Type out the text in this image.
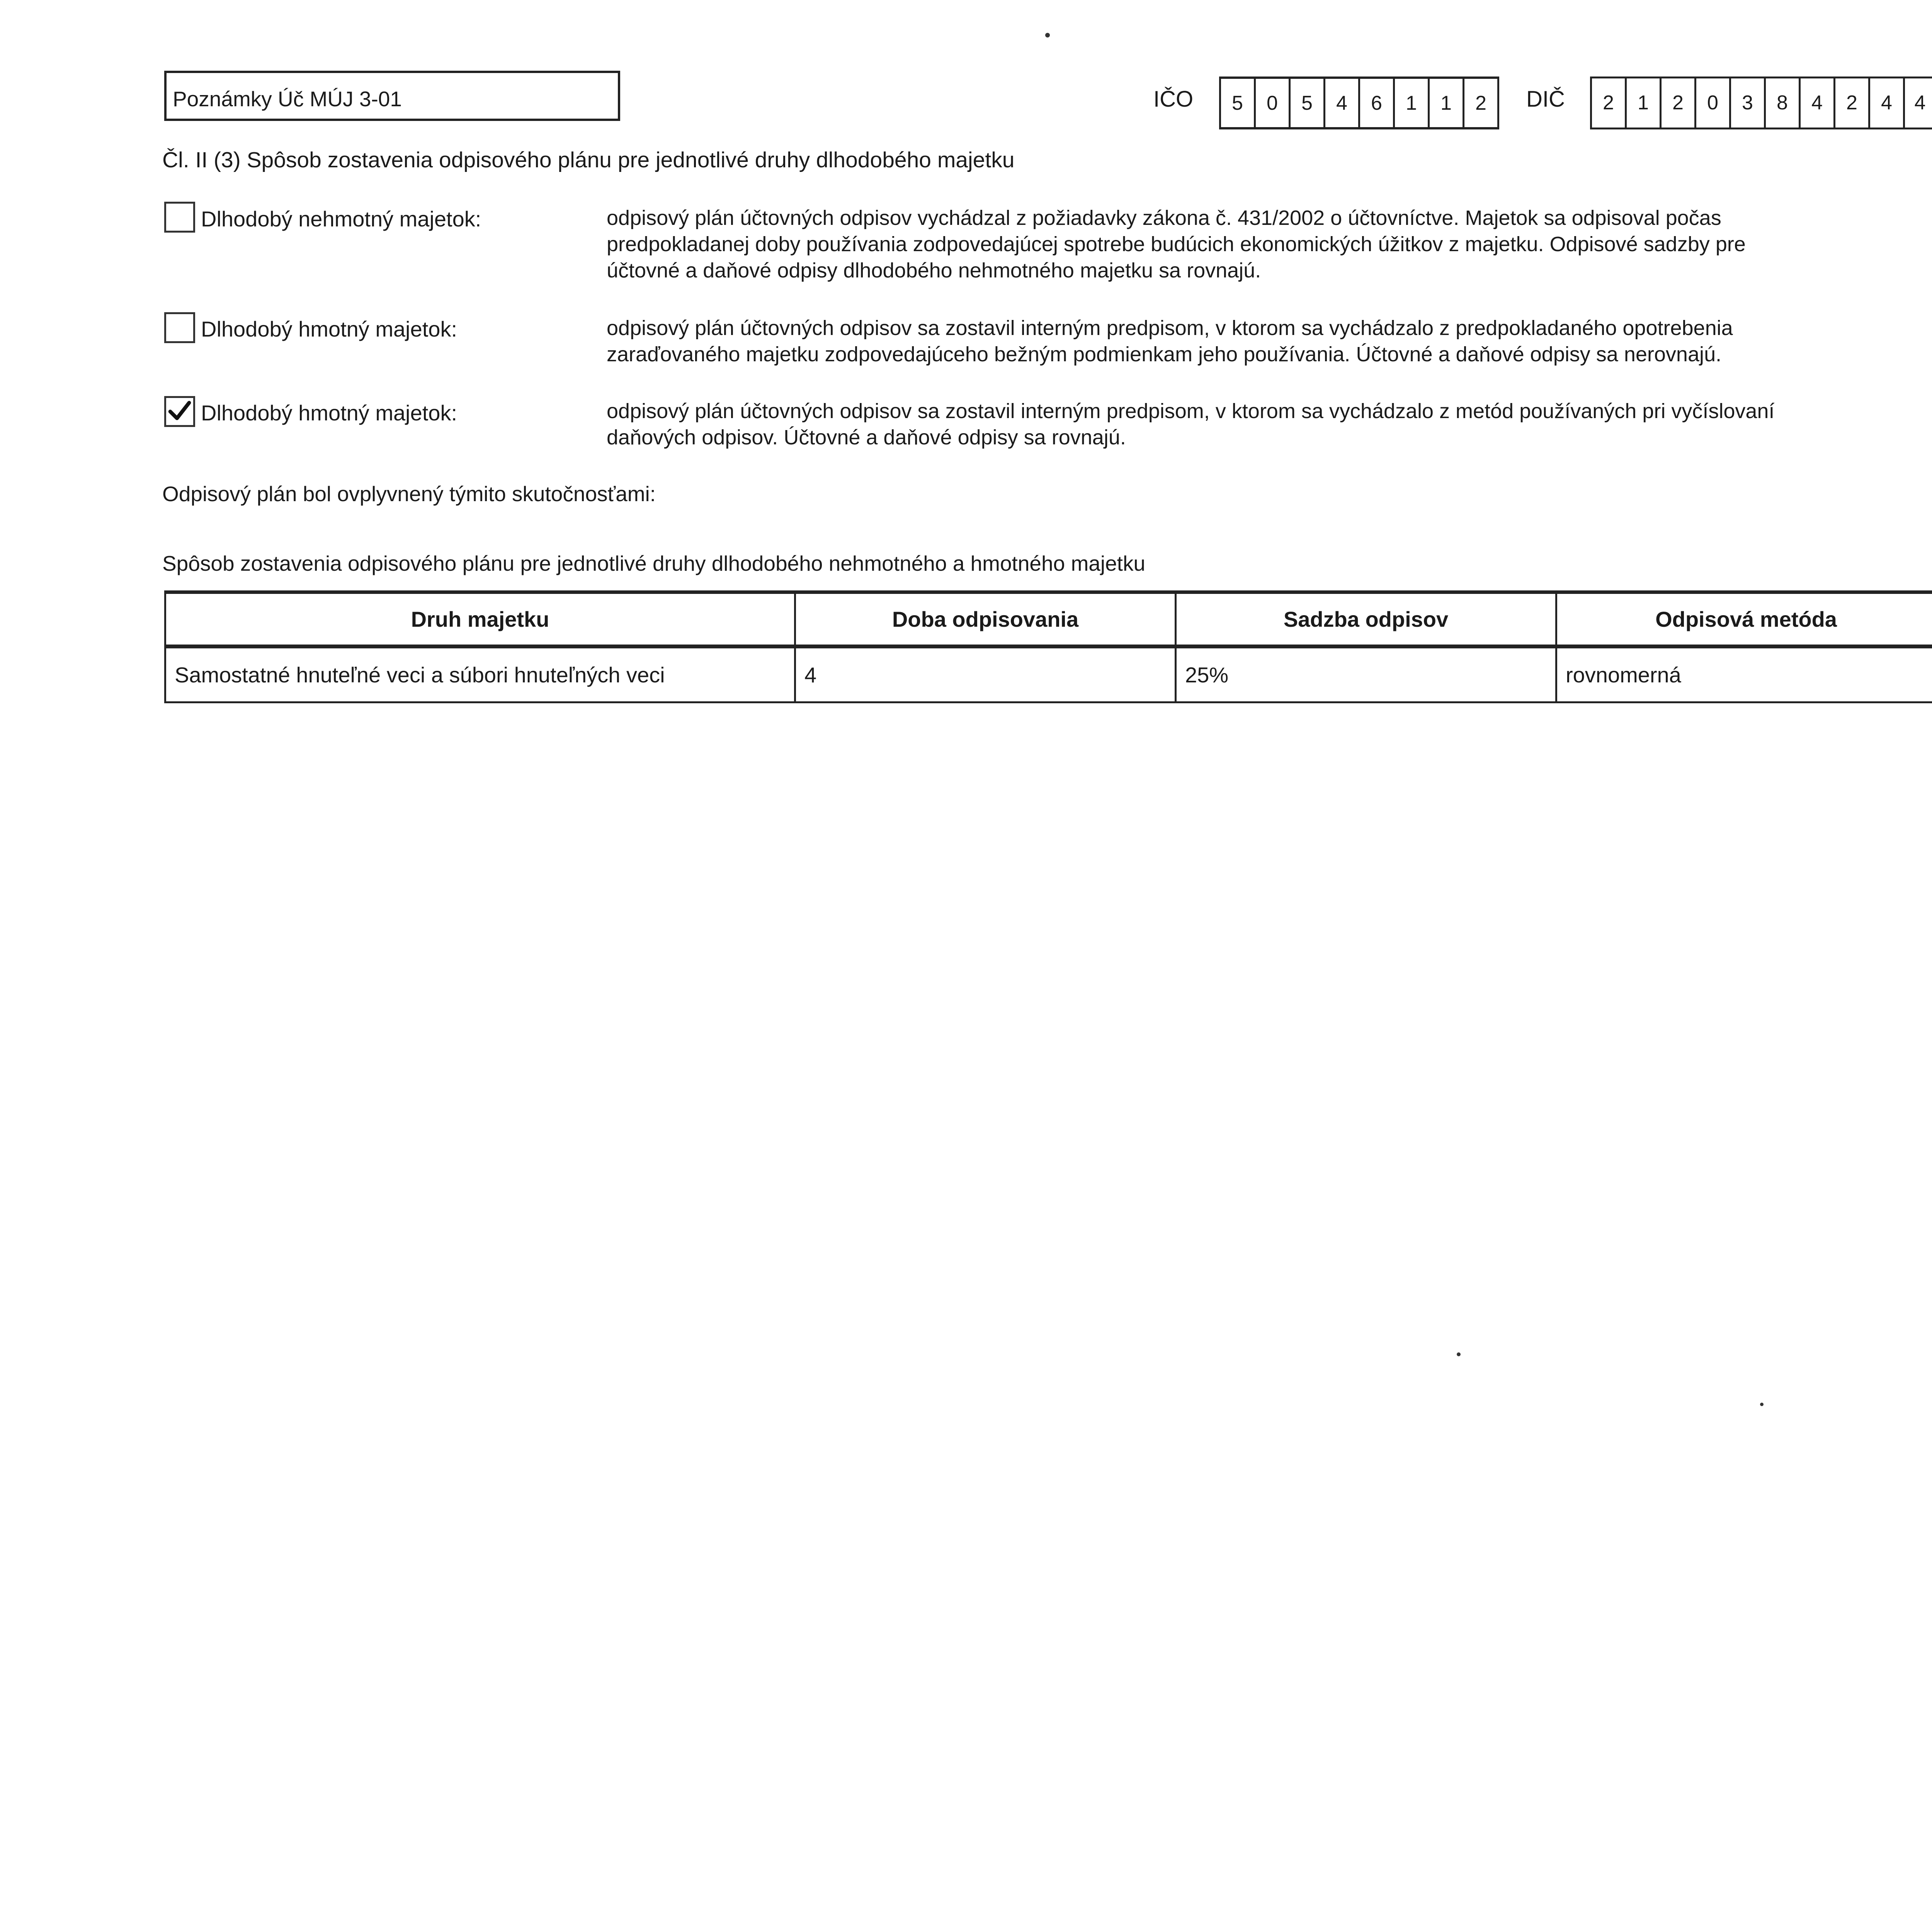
Poznámky Úč MÚJ 3-01	IČO	5	0	5	4	6	1	1	2	DIČ	2	1	2	0	3	8	4	2	4	4
Čl. II (3) Spôsob zostavenia odpisového plánu pre jednotlivé druhy dlhodobého majetku
Dlhodobý nehmotný majetok:	odpisový plán účtovných odpisov vychádzal z požiadavky zákona č. 431/2002 o účtovníctve. Majetok sa odpisoval počas
predpokladanej doby používania zodpovedajúcej spotrebe budúcich ekonomických úžitkov z majetku. Odpisové sadzby pre
účtovné a daňové odpisy dlhodobého nehmotného majetku sa rovnajú.
Dlhodobý hmotný majetok:	odpisový plán účtovných odpisov sa zostavil interným predpisom, v ktorom sa vychádzalo z predpokladaného opotrebenia
zaraďovaného majetku zodpovedajúceho bežným podmienkam jeho používania. Účtovné a daňové odpisy sa nerovnajú.
Dlhodobý hmotný majetok:	odpisový plán účtovných odpisov sa zostavil interným predpisom, v ktorom sa vychádzalo z metód používaných pri vyčíslovaní
daňových odpisov. Účtovné a daňové odpisy sa rovnajú.
Odpisový plán bol ovplyvnený týmito skutočnosťami:
Spôsob zostavenia odpisového plánu pre jednotlivé druhy dlhodobého nehmotného a hmotného majetku
Druh majetku	Doba odpisovania	Sadzba odpisov	Odpisová metóda
Samostatné hnuteľné veci a súbori hnuteľných veci	4	25%	rovnomerná
